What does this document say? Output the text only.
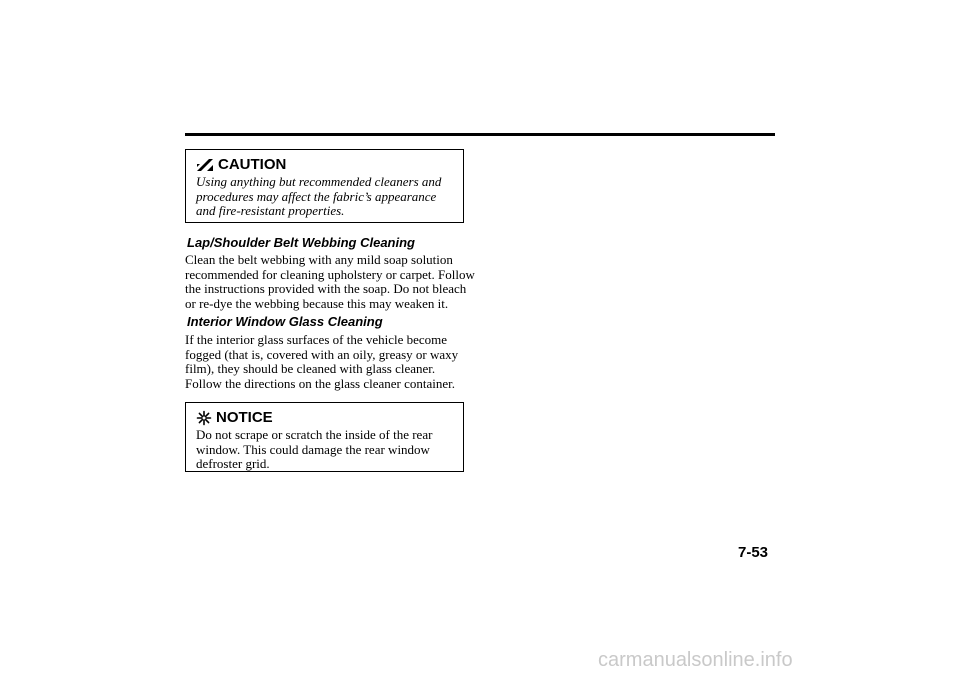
CAUTION
Using anything but recommended cleaners and
procedures may affect the fabric’s appearance
and fire-resistant properties.
Lap/Shoulder Belt Webbing Cleaning
Clean the belt webbing with any mild soap solution
recommended for cleaning upholstery or carpet. Follow
the instructions provided with the soap. Do not bleach
or re-dye the webbing because this may weaken it.
Interior Window Glass Cleaning
If the interior glass surfaces of the vehicle become
fogged (that is, covered with an oily, greasy or waxy
film), they should be cleaned with glass cleaner.
Follow the directions on the glass cleaner container.
NOTICE
Do not scrape or scratch the inside of the rear
window. This could damage the rear window
defroster grid.
7-53
carmanualsonline.info
